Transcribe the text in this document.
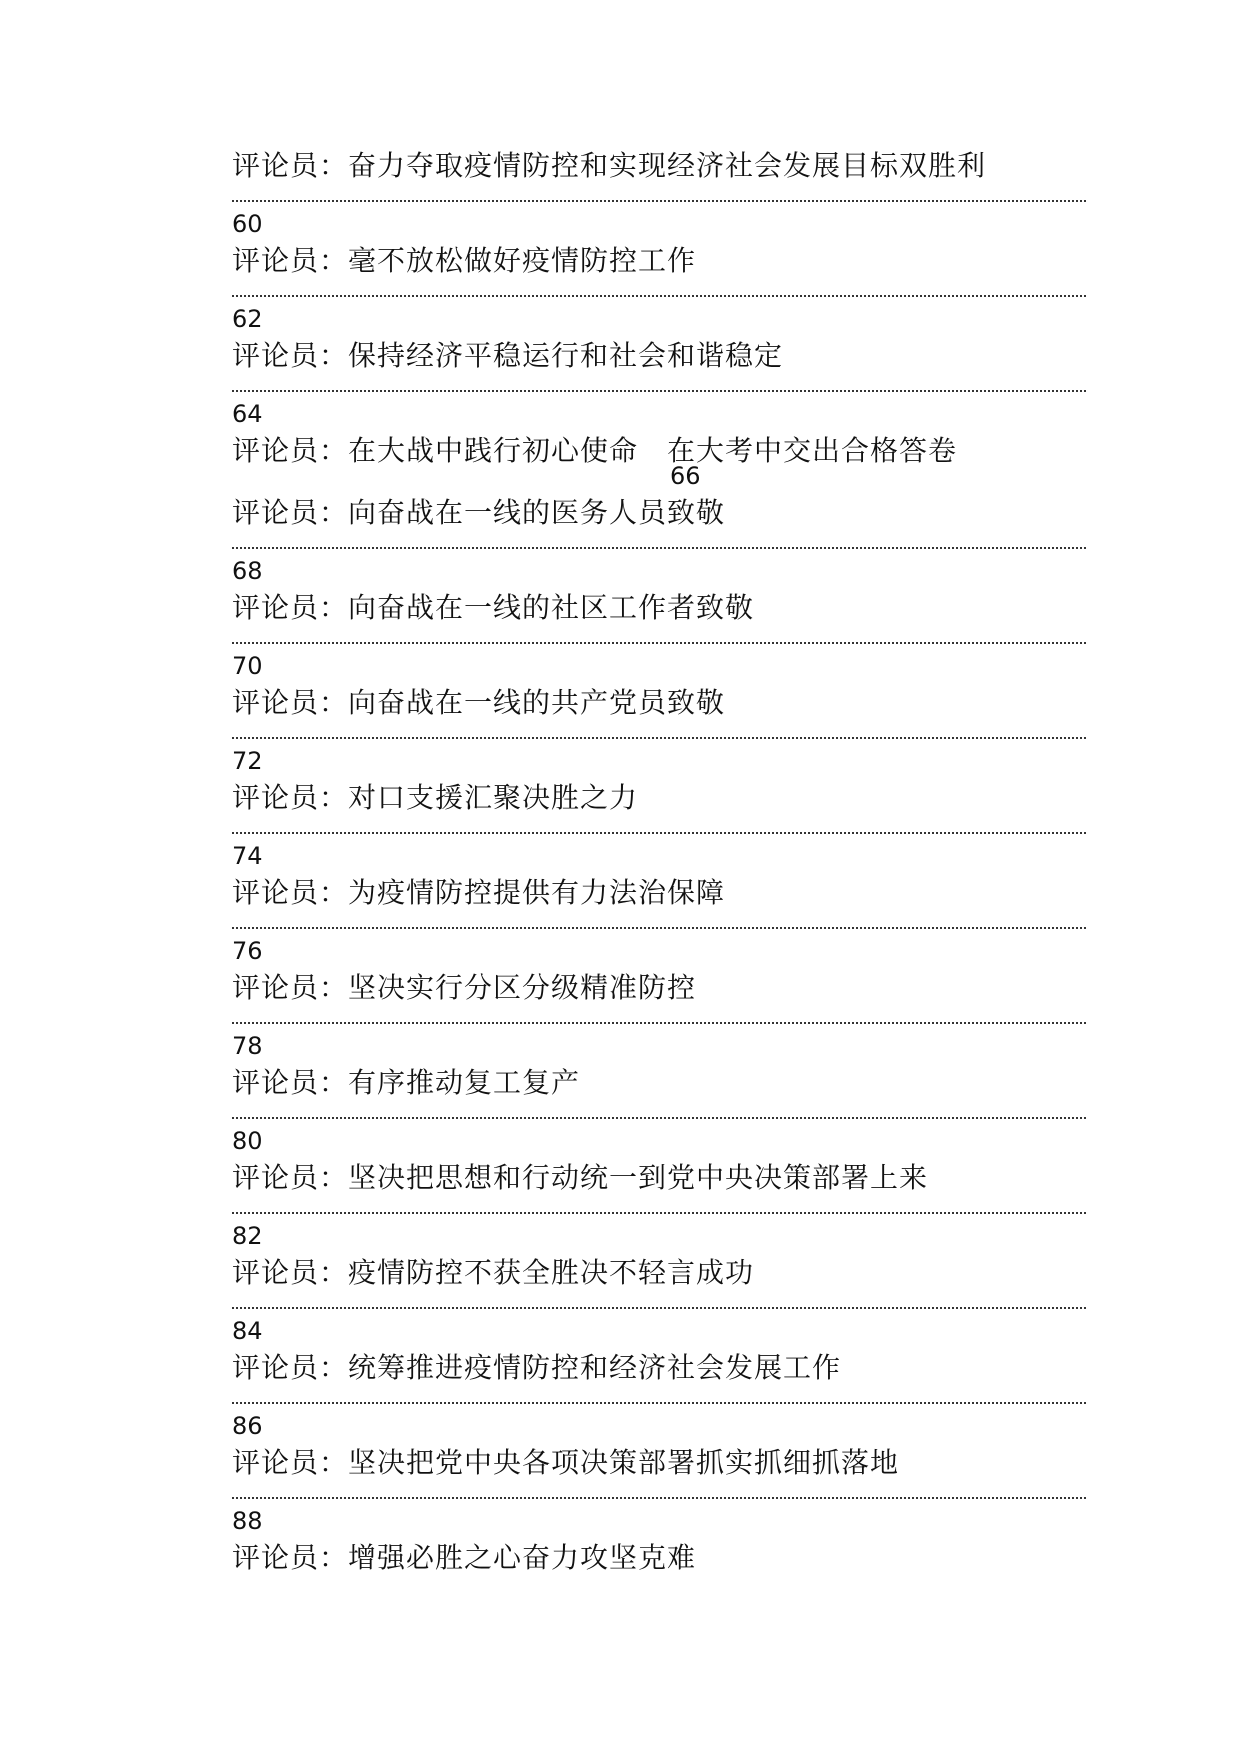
评论员：奋力夺取疫情防控和实现经济社会发展目标双胜利
60
评论员：毫不放松做好疫情防控工作
62
评论员：保持经济平稳运行和社会和谐稳定
64
评论员：在大战中践行初心使命　在大考中交出合格答卷
66
评论员：向奋战在一线的医务人员致敬
68
评论员：向奋战在一线的社区工作者致敬
70
评论员：向奋战在一线的共产党员致敬
72
评论员：对口支援汇聚决胜之力
74
评论员：为疫情防控提供有力法治保障
76
评论员：坚决实行分区分级精准防控
78
评论员：有序推动复工复产
80
评论员：坚决把思想和行动统一到党中央决策部署上来
82
评论员：疫情防控不获全胜决不轻言成功
84
评论员：统筹推进疫情防控和经济社会发展工作
86
评论员：坚决把党中央各项决策部署抓实抓细抓落地
88
评论员：增强必胜之心奋力攻坚克难
